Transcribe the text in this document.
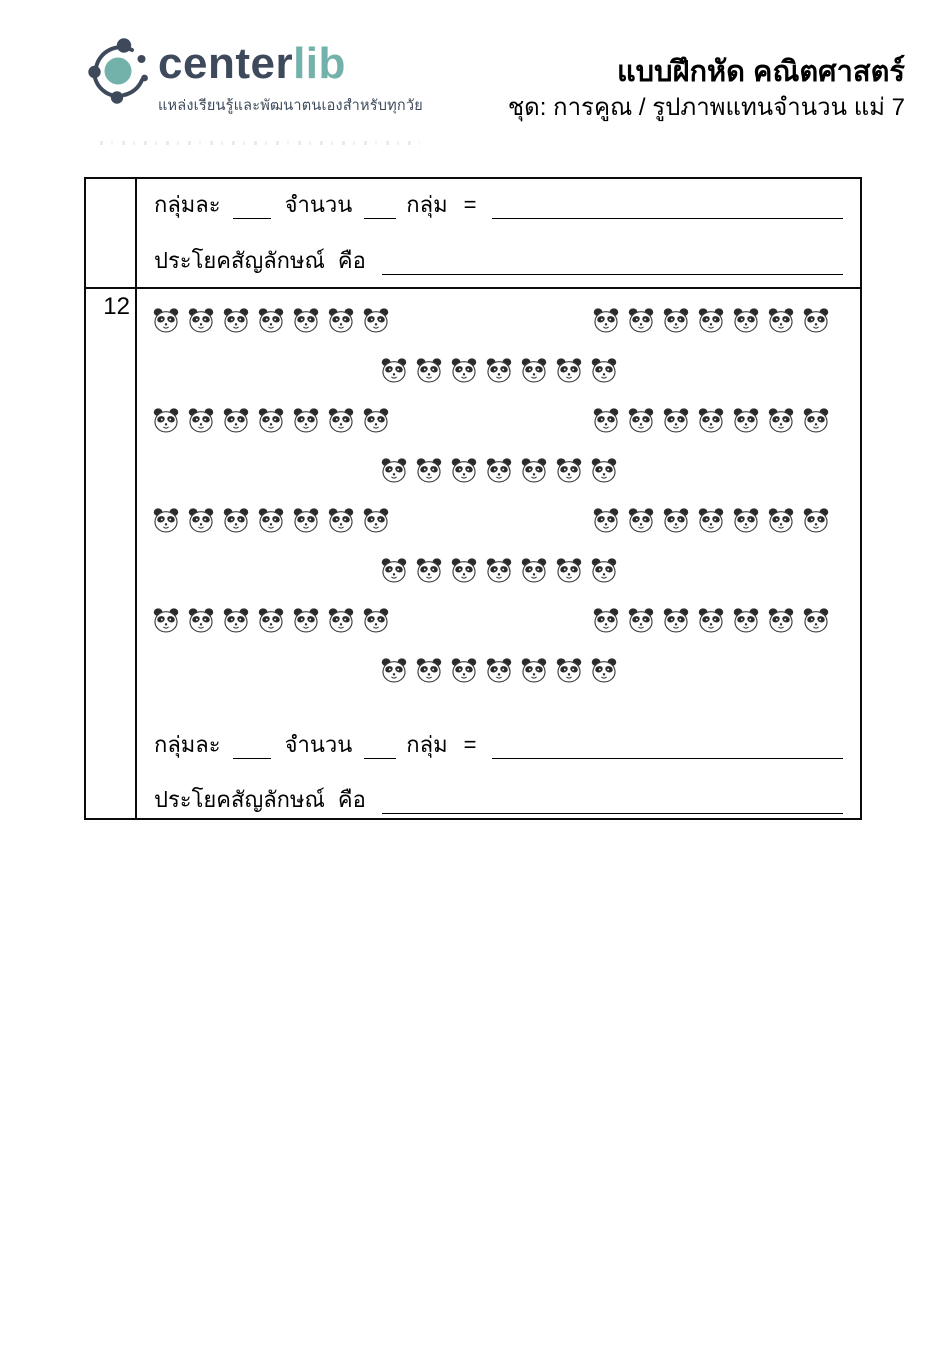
centerlib
แหล่งเรียนรู้และพัฒนาตนเองสำหรับทุกวัย
แบบฝึกหัด คณิตศาสตร์
ชุด: การคูณ / รูปภาพแทนจำนวน แม่ 7
กลุ่มละ	จำนวน กลุ่ม =
ประโยคสัญลักษณ์ คือ
12
กลุ่มละ	จำนวน กลุ่ม =
ประโยคสัญลักษณ์ คือ
